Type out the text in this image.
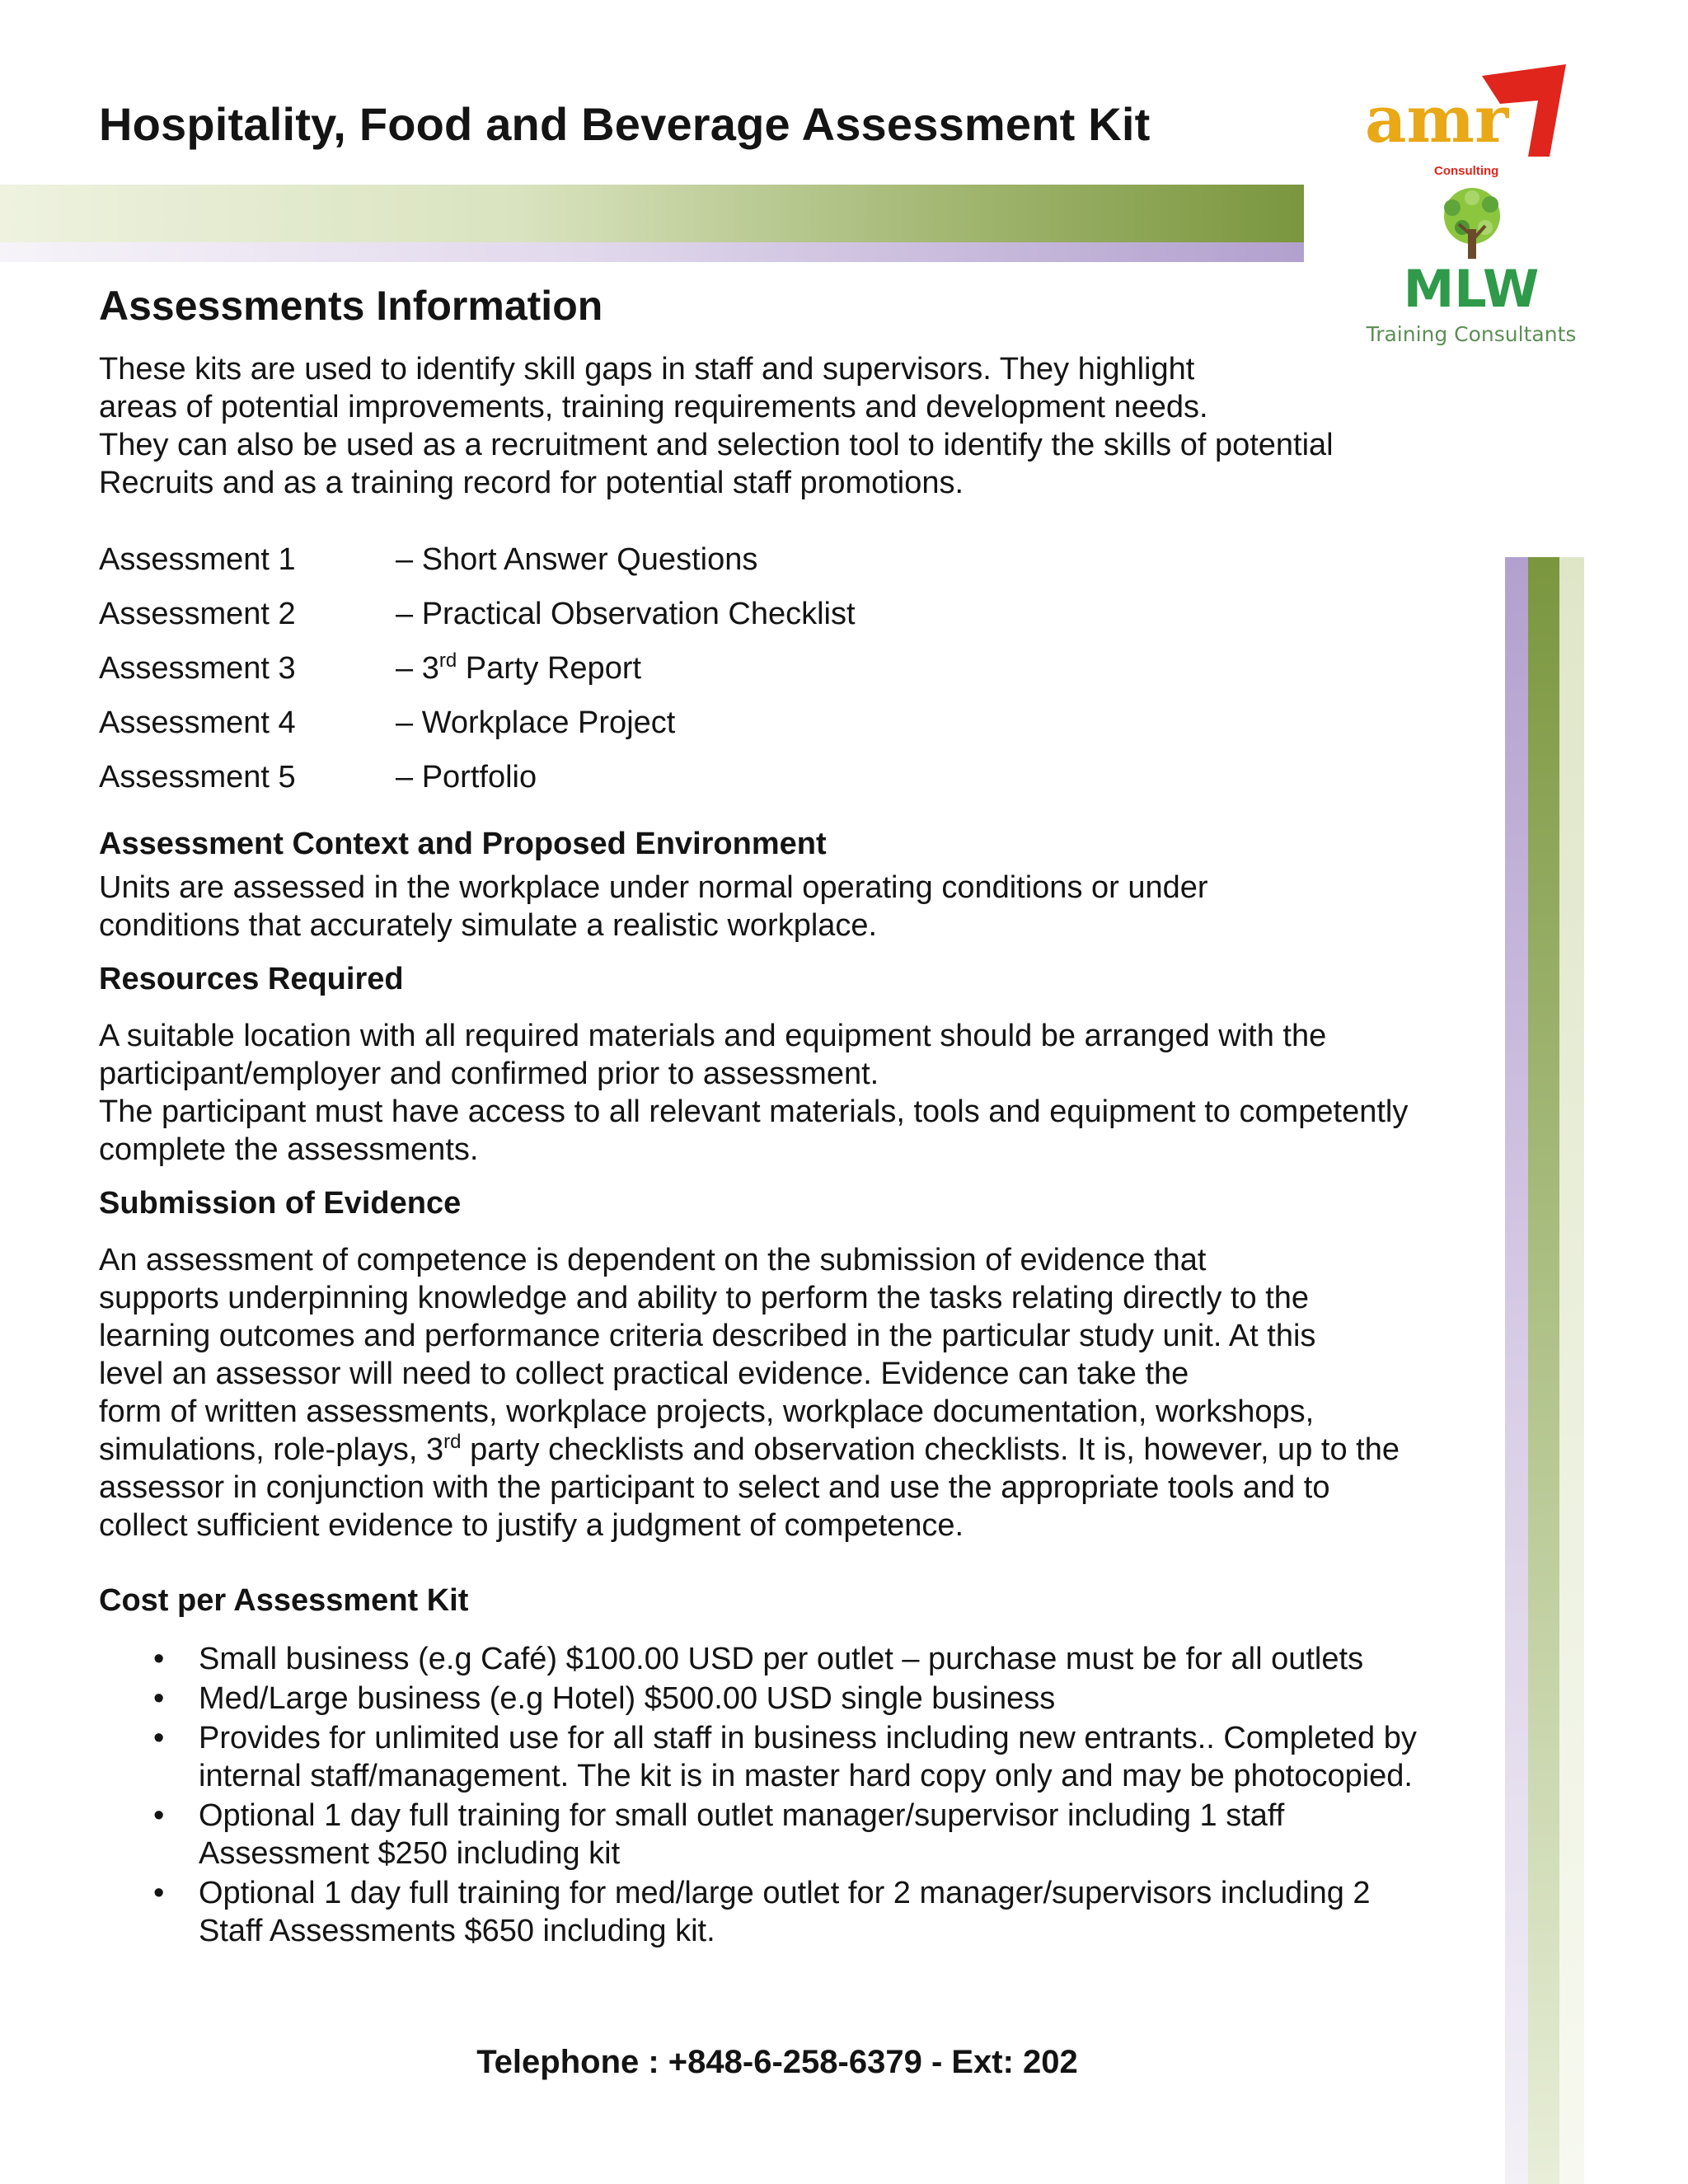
Hospitality, Food and Beverage Assessment Kit	amr
Consulting
MLW
Training Consultants
Assessments Information
These kits are used to identify skill gaps in staff and supervisors. They highlight
areas of potential improvements, training requirements and development needs.
They can also be used as a recruitment and selection tool to identify the skills of potential
Recruits and as a training record for potential staff promotions.
Assessment 1	– Short Answer Questions
Assessment 2	– Practical Observation Checklist
Assessment 3	– 3rd Party Report
Assessment 4	– Workplace Project
Assessment 5	– Portfolio
Assessment Context and Proposed Environment
Units are assessed in the workplace under normal operating conditions or under
conditions that accurately simulate a realistic workplace.
Resources Required
A suitable location with all required materials and equipment should be arranged with the
participant/employer and confirmed prior to assessment.
The participant must have access to all relevant materials, tools and equipment to competently
complete the assessments.
Submission of Evidence
An assessment of competence is dependent on the submission of evidence that
supports underpinning knowledge and ability to perform the tasks relating directly to the
learning outcomes and performance criteria described in the particular study unit. At this
level an assessor will need to collect practical evidence. Evidence can take the
form of written assessments, workplace projects, workplace documentation, workshops,
simulations, role-plays, 3rd party checklists and observation checklists. It is, however, up to the
assessor in conjunction with the participant to select and use the appropriate tools and to
collect sufficient evidence to justify a judgment of competence.
Cost per Assessment Kit
• Small business (e.g Café) $100.00 USD per outlet – purchase must be for all outlets
• Med/Large business (e.g Hotel) $500.00 USD single business
• Provides for unlimited use for all staff in business including new entrants.. Completed by
internal staff/management. The kit is in master hard copy only and may be photocopied.
• Optional 1 day full training for small outlet manager/supervisor including 1 staff
Assessment $250 including kit
• Optional 1 day full training for med/large outlet for 2 manager/supervisors including 2
Staff Assessments $650 including kit.
Telephone : +848-6-258-6379 - Ext: 202
